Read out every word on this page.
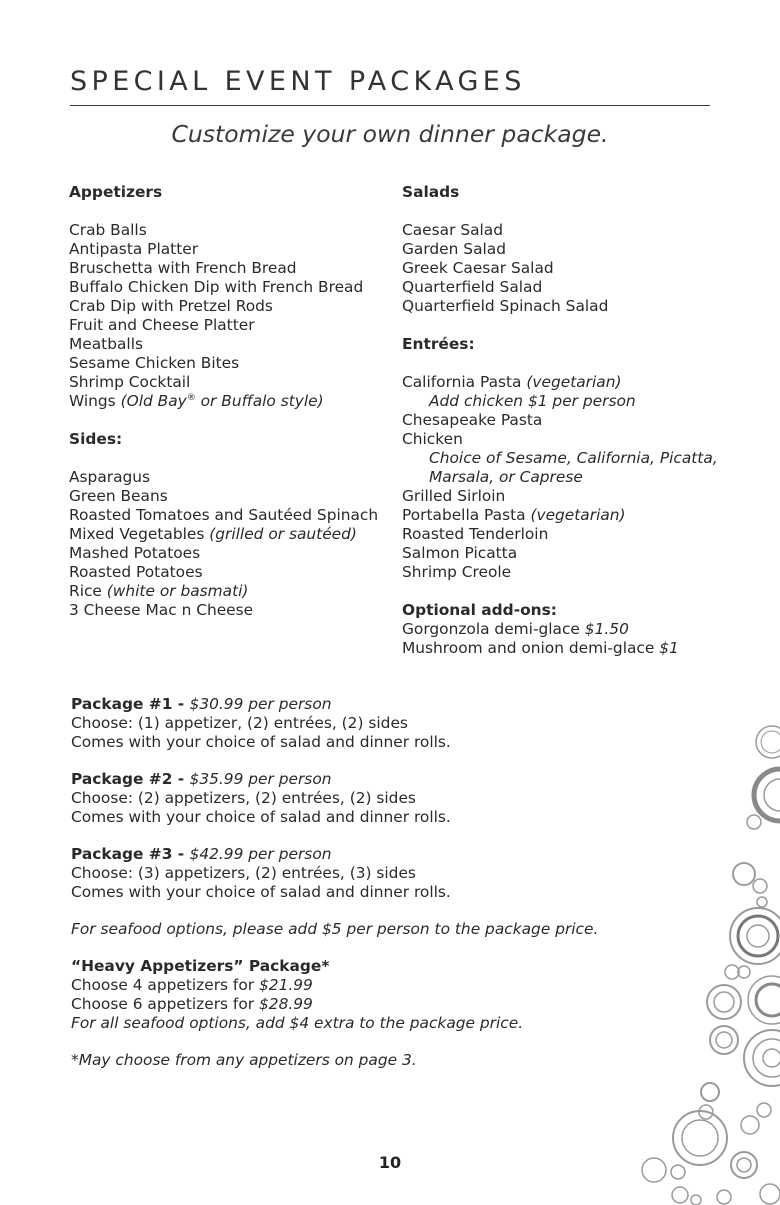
SPECIAL EVENT PACKAGES
Customize your own dinner package.
Appetizers
Crab Balls
Antipasta Platter
Bruschetta with French Bread
Buffalo Chicken Dip with French Bread
Crab Dip with Pretzel Rods
Fruit and Cheese Platter
Meatballs
Sesame Chicken Bites
Shrimp Cocktail
Wings (Old Bay® or Buffalo style)
Sides:
Asparagus
Green Beans
Roasted Tomatoes and Sautéed Spinach
Mixed Vegetables (grilled or sautéed)
Mashed Potatoes
Roasted Potatoes
Rice (white or basmati)
3 Cheese Mac n Cheese
Salads
Caesar Salad
Garden Salad
Greek Caesar Salad
Quarterfield Salad
Quarterfield Spinach Salad
Entrées:
California Pasta (vegetarian)
Add chicken $1 per person
Chesapeake Pasta
Chicken
Choice of Sesame, California, Picatta,
Marsala, or Caprese
Grilled Sirloin
Portabella Pasta (vegetarian)
Roasted Tenderloin
Salmon Picatta
Shrimp Creole
Optional add-ons:
Gorgonzola demi-glace $1.50
Mushroom and onion demi-glace $1
Package #1 - $30.99 per person
Choose: (1) appetizer, (2) entrées, (2) sides
Comes with your choice of salad and dinner rolls.
Package #2 - $35.99 per person
Choose: (2) appetizers, (2) entrées, (2) sides
Comes with your choice of salad and dinner rolls.
Package #3 - $42.99 per person
Choose: (3) appetizers, (2) entrées, (3) sides
Comes with your choice of salad and dinner rolls.
For seafood options, please add $5 per person to the package price.
“Heavy Appetizers” Package*
Choose 4 appetizers for $21.99
Choose 6 appetizers for $28.99
For all seafood options, add $4 extra to the package price.
*May choose from any appetizers on page 3.
10
